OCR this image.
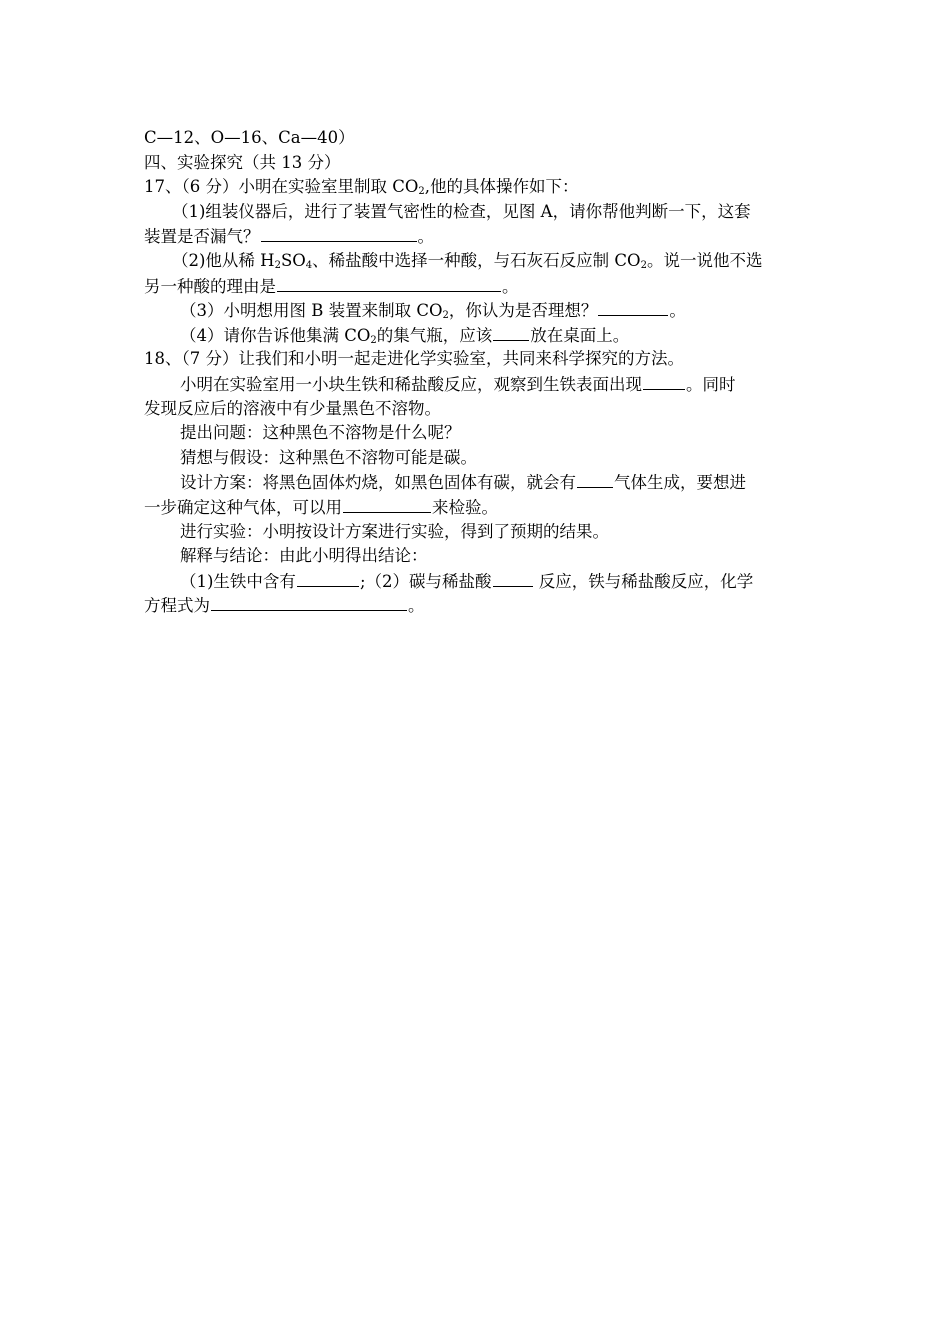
C—12、O—16、Ca—40）
四、实验探究（共 13 分）
17、（6 分）小明在实验室里制取 $CO_2$,他的具体操作如下：
（1)组装仪器后，进行了装置气密性的检查，见图 A，请你帮他判断一下，这套
装置是否漏气？	。
（2)他从稀 $H_2SO_4$、稀盐酸中选择一种酸，与石灰石反应制 $CO_2$。说一说他不选
另一种酸的理由是	。
（3）小明想用图 B 装置来制取 $CO_2$，你认为是否理想？	。
（4）请你告诉他集满 $CO_2$的集气瓶，应该 放在桌面上。
18、（7 分）让我们和小明一起走进化学实验室，共同来科学探究的方法。
小明在实验室用一小块生铁和稀盐酸反应，观察到生铁表面出现	。同时
发现反应后的溶液中有少量黑色不溶物。
提出问题：这种黑色不溶物是什么呢？
猜想与假设：这种黑色不溶物可能是碳。
设计方案：将黑色固体灼烧，如黑色固体有碳，就会有 气体生成，要想进
一步确定这种气体，可以用	来检验。
进行实验：小明按设计方案进行实验，得到了预期的结果。
解释与结论：由此小明得出结论：
（1)生铁中含有	;（2）碳与稀盐酸	反应，铁与稀盐酸反应，化学
方程式为	。
